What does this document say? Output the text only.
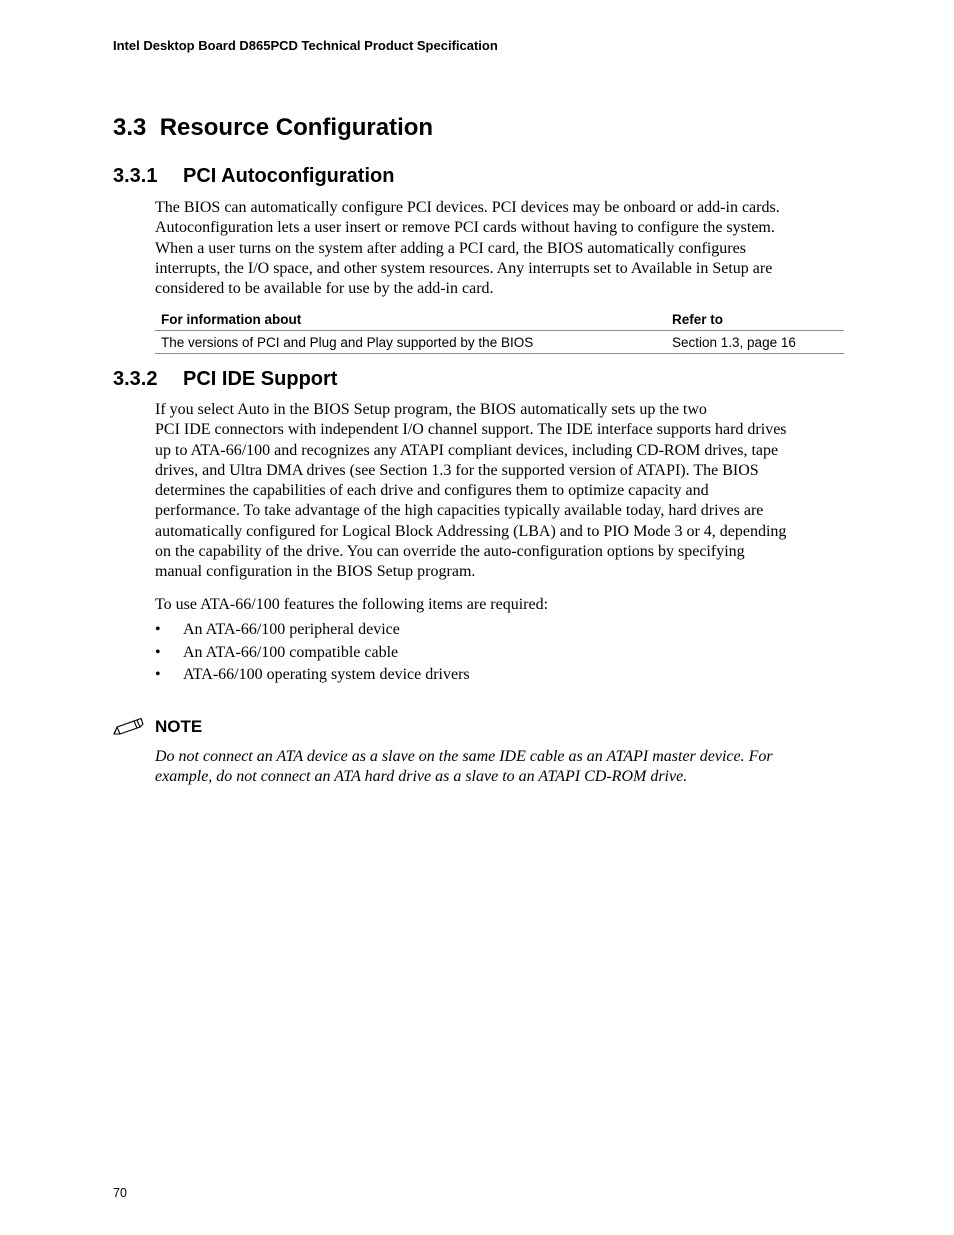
Intel Desktop Board D865PCD Technical Product Specification
3.3 Resource Configuration
3.3.1 PCI Autoconfiguration

The BIOS can automatically configure PCI devices. PCI devices may be onboard or add-in cards.
Autoconfiguration lets a user insert or remove PCI cards without having to configure the system.
When a user turns on the system after adding a PCI card, the BIOS automatically configures
interrupts, the I/O space, and other system resources. Any interrupts set to Available in Setup are
considered to be available for use by the add-in card.

For information about	Refer to
The versions of PCI and Plug and Play supported by the BIOS	Section 1.3, page 16
3.3.2 PCI IDE Support

If you select Auto in the BIOS Setup program, the BIOS automatically sets up the two
PCI IDE connectors with independent I/O channel support. The IDE interface supports hard drives
up to ATA-66/100 and recognizes any ATAPI compliant devices, including CD-ROM drives, tape
drives, and Ultra DMA drives (see Section 1.3 for the supported version of ATAPI). The BIOS
determines the capabilities of each drive and configures them to optimize capacity and
performance. To take advantage of the high capacities typically available today, hard drives are
automatically configured for Logical Block Addressing (LBA) and to PIO Mode 3 or 4, depending
on the capability of the drive. You can override the auto-configuration options by specifying
manual configuration in the BIOS Setup program.

To use ATA-66/100 features the following items are required:

• An ATA-66/100 peripheral device
• An ATA-66/100 compatible cable
• ATA-66/100 operating system device drivers
NOTE

Do not connect an ATA device as a slave on the same IDE cable as an ATAPI master device. For
example, do not connect an ATA hard drive as a slave to an ATAPI CD-ROM drive.

70
